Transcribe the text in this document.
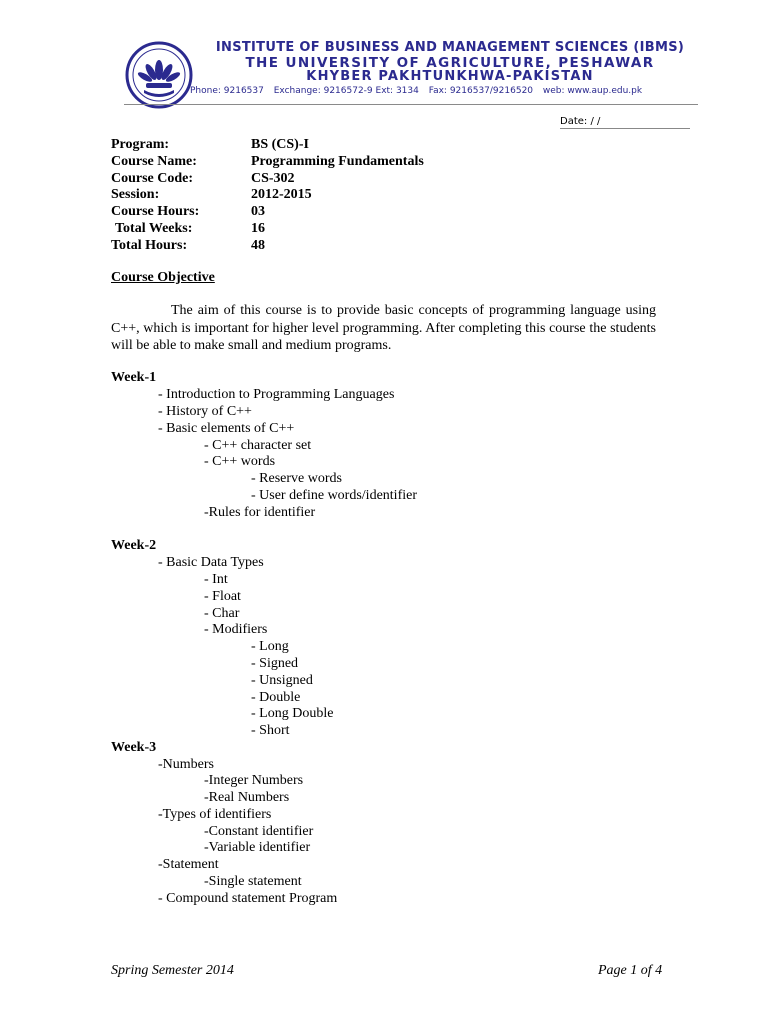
INSTITUTE OF BUSINESS AND MANAGEMENT SCIENCES (IBMS)
THE UNIVERSITY OF AGRICULTURE, PESHAWAR
KHYBER PAKHTUNKHWA-PAKISTAN
Phone: 9216537 Exchange: 9216572-9 Ext: 3134 Fax: 9216537/9216520 web: www.aup.edu.pk
Date: / /
Program:	BS (CS)-I
Course Name:	Programming Fundamentals
Course Code:	CS-302
Session:	2012-2015
Course Hours:	03
Total Weeks:	16
Total Hours:	48
Course Objective
The aim of this course is to provide basic concepts of programming language using C++, which is important for higher level programming. After completing this course the students will be able to make small and medium programs.
Week-1
- Introduction to Programming Languages
- History of C++
- Basic elements of C++
- C++ character set
- C++ words
- Reserve words
- User define words/identifier
-Rules for identifier
Week-2
- Basic Data Types
- Int
- Float
- Char
- Modifiers
- Long
- Signed
- Unsigned
- Double
- Long Double
- Short
Week-3
-Numbers
-Integer Numbers
-Real Numbers
-Types of identifiers
-Constant identifier
-Variable identifier
-Statement
-Single statement
- Compound statement Program
Spring Semester 2014	Page 1 of 4
